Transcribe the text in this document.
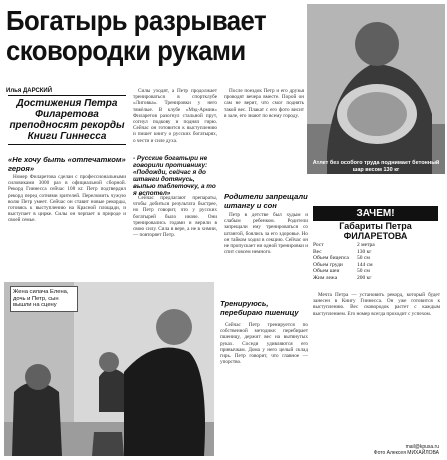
Богатырь разрывает сковородки руками
Атлет без особого труда поднимает бетонный шар весом 130 кг
Илья ДАРСКИЙ
Достижения Петра Филаретова преподносят рекорды Книги Гиннесса
«Не хочу быть «отпечатком» героя»

Номер Филаретова сделан с профессиональными силовиками 3000 раз в официальной сборной. Рекорд Гиннесса сейчас 108 кг. Петр подтвердил рекорд перед сотнями зрителей. Переломить чужую волю Петр умеет. Сейчас он ставит новые рекорды, готовясь к выступлению на Красной площади, и выступает в цирке. Силы он черпает в природе и своей семье.

Силы уходят, а Петр продолжает тренироваться в спортклубе «Лиговка». Тренировки у него тяжёлые. В клубе «Мэд-Армии» Филаретов разогнул стальной прут, согнул подкову и поднял гирю. Сейчас он готовится к выступлению и пишет книгу о русских богатырях, о чести и силе духа.

- Русские богатыри не говорили противнику: «Подожди, сейчас я до штанги дотянусь, выпью таблеточку, а то я вспотел»

Сейчас предлагают препараты, чтобы добиться результата быстрее, но Петр говорит, что у русских богатырей было иначе. Они тренировались годами и верили в свою силу. Сила в вере, а не в химии, — повторяет Петр.

После поездок Петр и его друзья проводят вечера вместе. Порой он сам не верит, что смог поднять такой вес. Плакат с его фото висит в зале, его знают по всему городу.

Родители запрещали штангу и сон

Петр в детстве был худым и слабым ребенком. Родители запрещали ему тренироваться со штангой, боялись за его здоровье. Но он тайком ходил в секцию. Сейчас он не пропускает ни одной тренировки и спит совсем немного.

ЗАЧЕМ!
Габариты Петра ФИЛАРЕТОВА
Рост	2 метра
Вес	130 кг
Объем бицепса 50 см
Объем груди	144 см
Объем шеи	50 см
Жим лежа	200 кг

Мечта Петра — установить рекорд, который будет занесен в Книгу Гиннесса. Он уже готовится к выступлению. Вес сковородок растет с каждым выступлением. Его номер всегда проходит с успехом.

Жена силача Елена, дочь и Петр, сын вышли на сцену	Тренируюсь, перебираю пшеницу

Сейчас Петр тренируется по собственной методике: перебирает пшеницу, держит вес на вытянутых руках. Соседи удивляются его привычкам. Дома у него целый склад гирь. Петр говорит, что главное — упорство.

mail@kpusa.ru
Фото Алексея МИХАЙЛОВА
